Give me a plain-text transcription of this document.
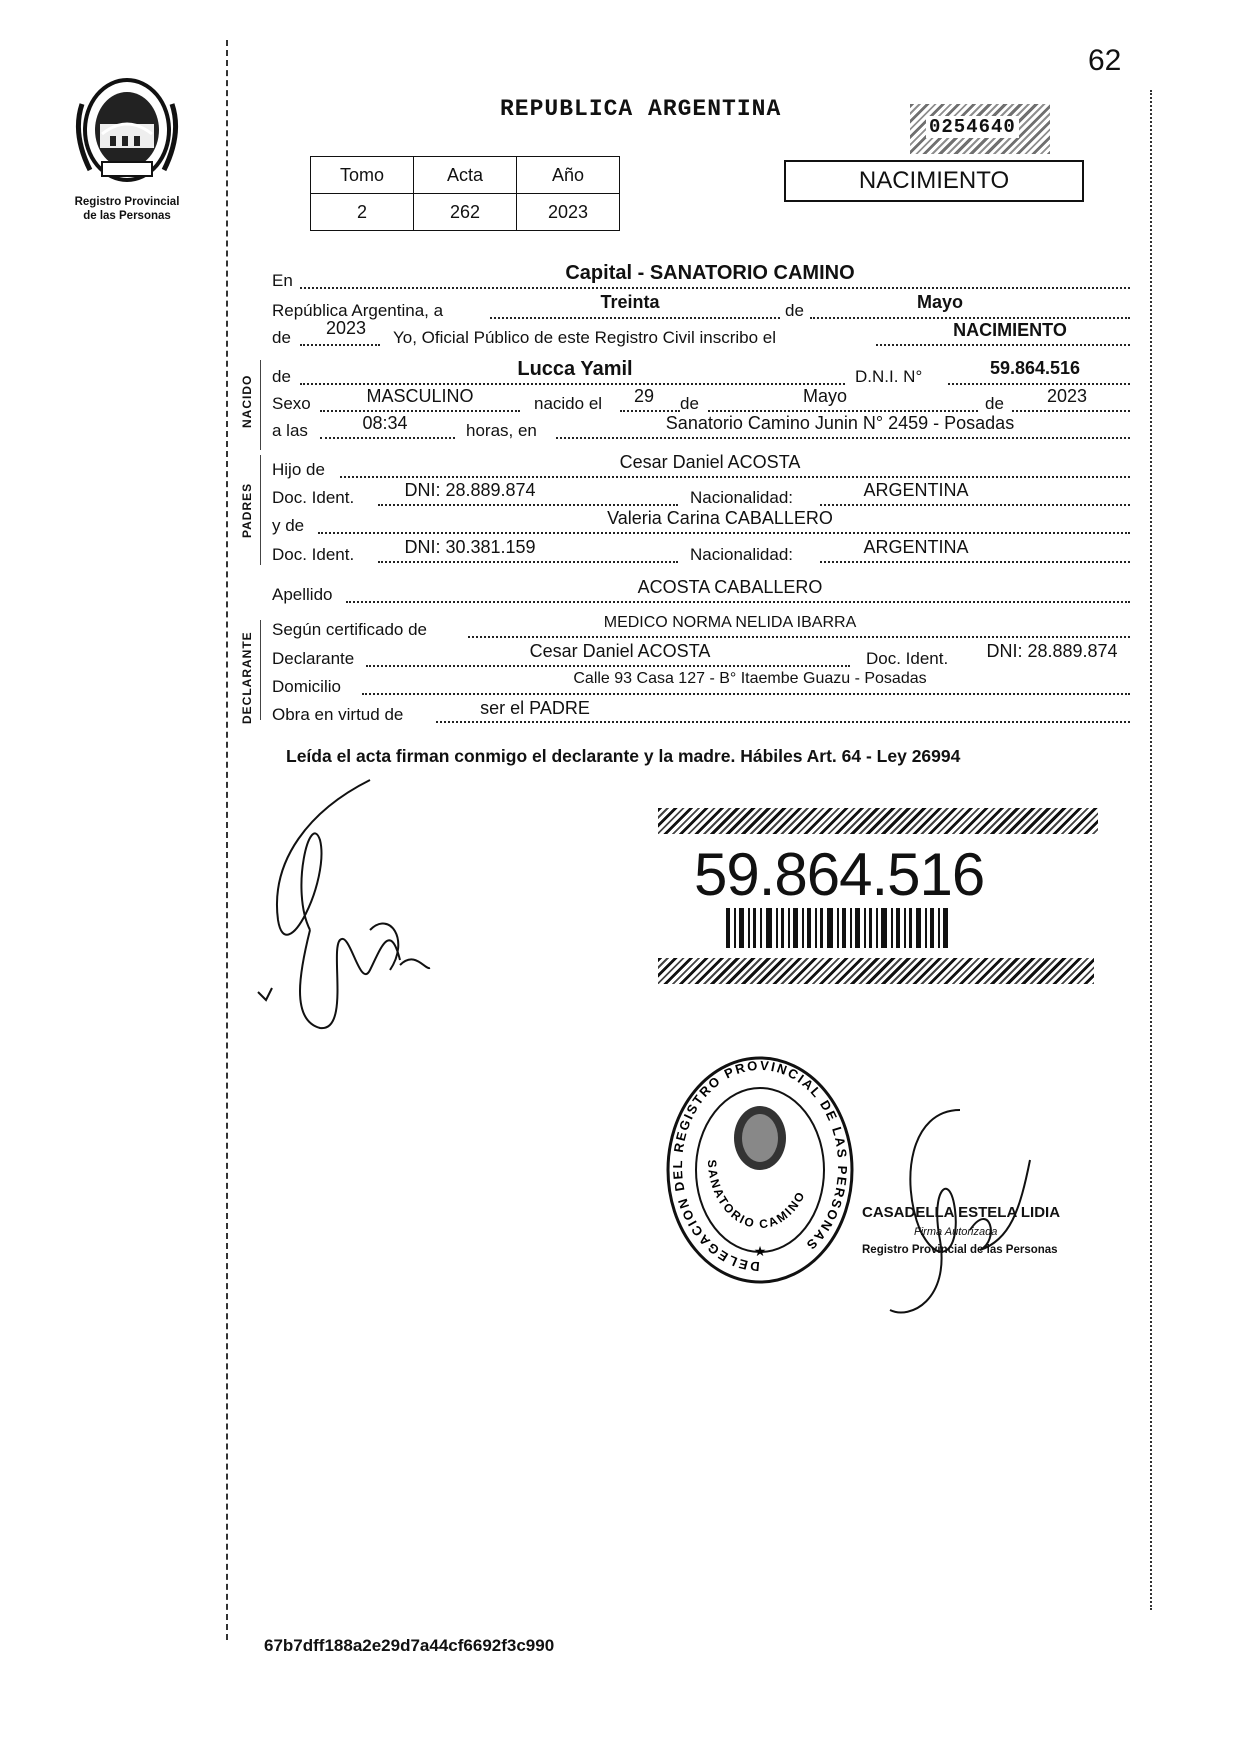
62
Registro Provincial
de las Personas
REPUBLICA ARGENTINA
0254640
Tomo	Acta	Año
2	262	2023
NACIMIENTO
NACIDO
PADRES
DECLARANTE
En	Capital - SANATORIO CAMINO
República Argentina, a	Treinta	de	Mayo
de	2023	Yo, Oficial Público de este Registro Civil inscribo el	NACIMIENTO
de	Lucca Yamil	D.N.I. N°	59.864.516
Sexo	MASCULINO	nacido el	29	de	Mayo	de	2023
a las	08:34	horas, en	Sanatorio Camino Junin N° 2459 - Posadas
Hijo de	Cesar Daniel ACOSTA
Doc. Ident.	DNI: 28.889.874	Nacionalidad:	ARGENTINA
y de	Valeria Carina CABALLERO
Doc. Ident.	DNI: 30.381.159	Nacionalidad:	ARGENTINA
Apellido	ACOSTA CABALLERO
Según certificado de	MEDICO NORMA NELIDA IBARRA
Declarante	Cesar Daniel ACOSTA	Doc. Ident.	DNI: 28.889.874
Domicilio	Calle 93 Casa 127 - B° Itaembe Guazu - Posadas
Obra en virtud de	ser el PADRE
Leída el acta firman conmigo el declarante y la madre. Hábiles Art. 64 - Ley 26994
59.864.516
DELEGACION DEL REGISTRO PROVINCIAL DE LAS PERSONAS
SANATORIO CAMINO
★
CASADELLA ESTELA LIDIA
Firma Autorizada
Registro Provincial de las Personas
67b7dff188a2e29d7a44cf6692f3c990
